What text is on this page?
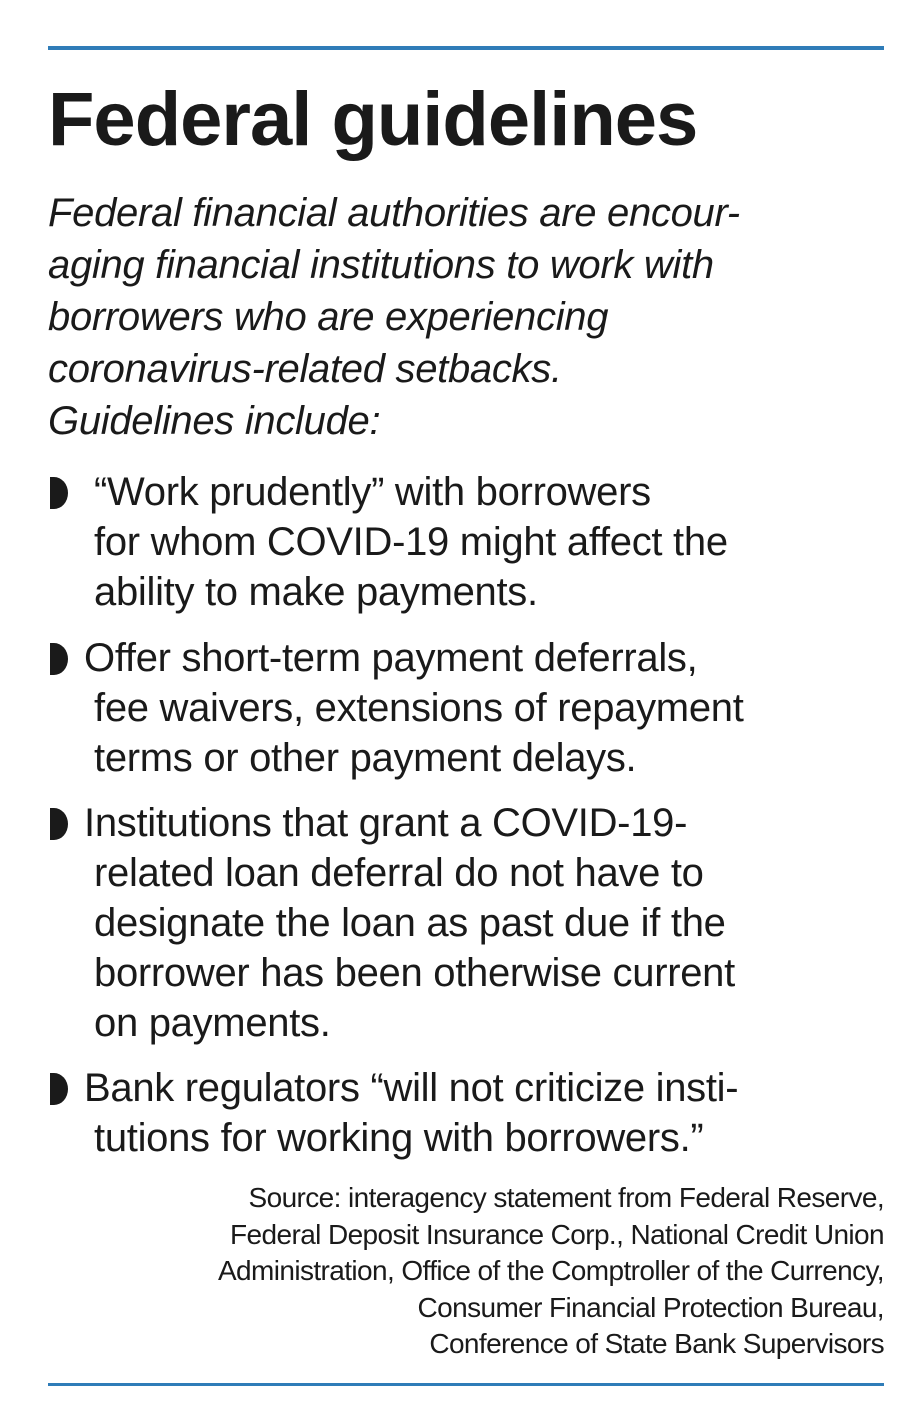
Federal guidelines

Federal financial authorities are encour-
aging financial institutions to work with
borrowers who are experiencing
coronavirus-related setbacks.
Guidelines include:

“Work prudently” with borrowers
for whom COVID-19 might affect the
ability to make payments.
Offer short-term payment deferrals,
fee waivers, extensions of repayment
terms or other payment delays.
Institutions that grant a COVID-19-
related loan deferral do not have to
designate the loan as past due if the
borrower has been otherwise current
on payments.
Bank regulators “will not criticize insti-
tutions for working with borrowers.”

Source: interagency statement from Federal Reserve,
Federal Deposit Insurance Corp., National Credit Union
Administration, Office of the Comptroller of the Currency,
Consumer Financial Protection Bureau,
Conference of State Bank Supervisors
